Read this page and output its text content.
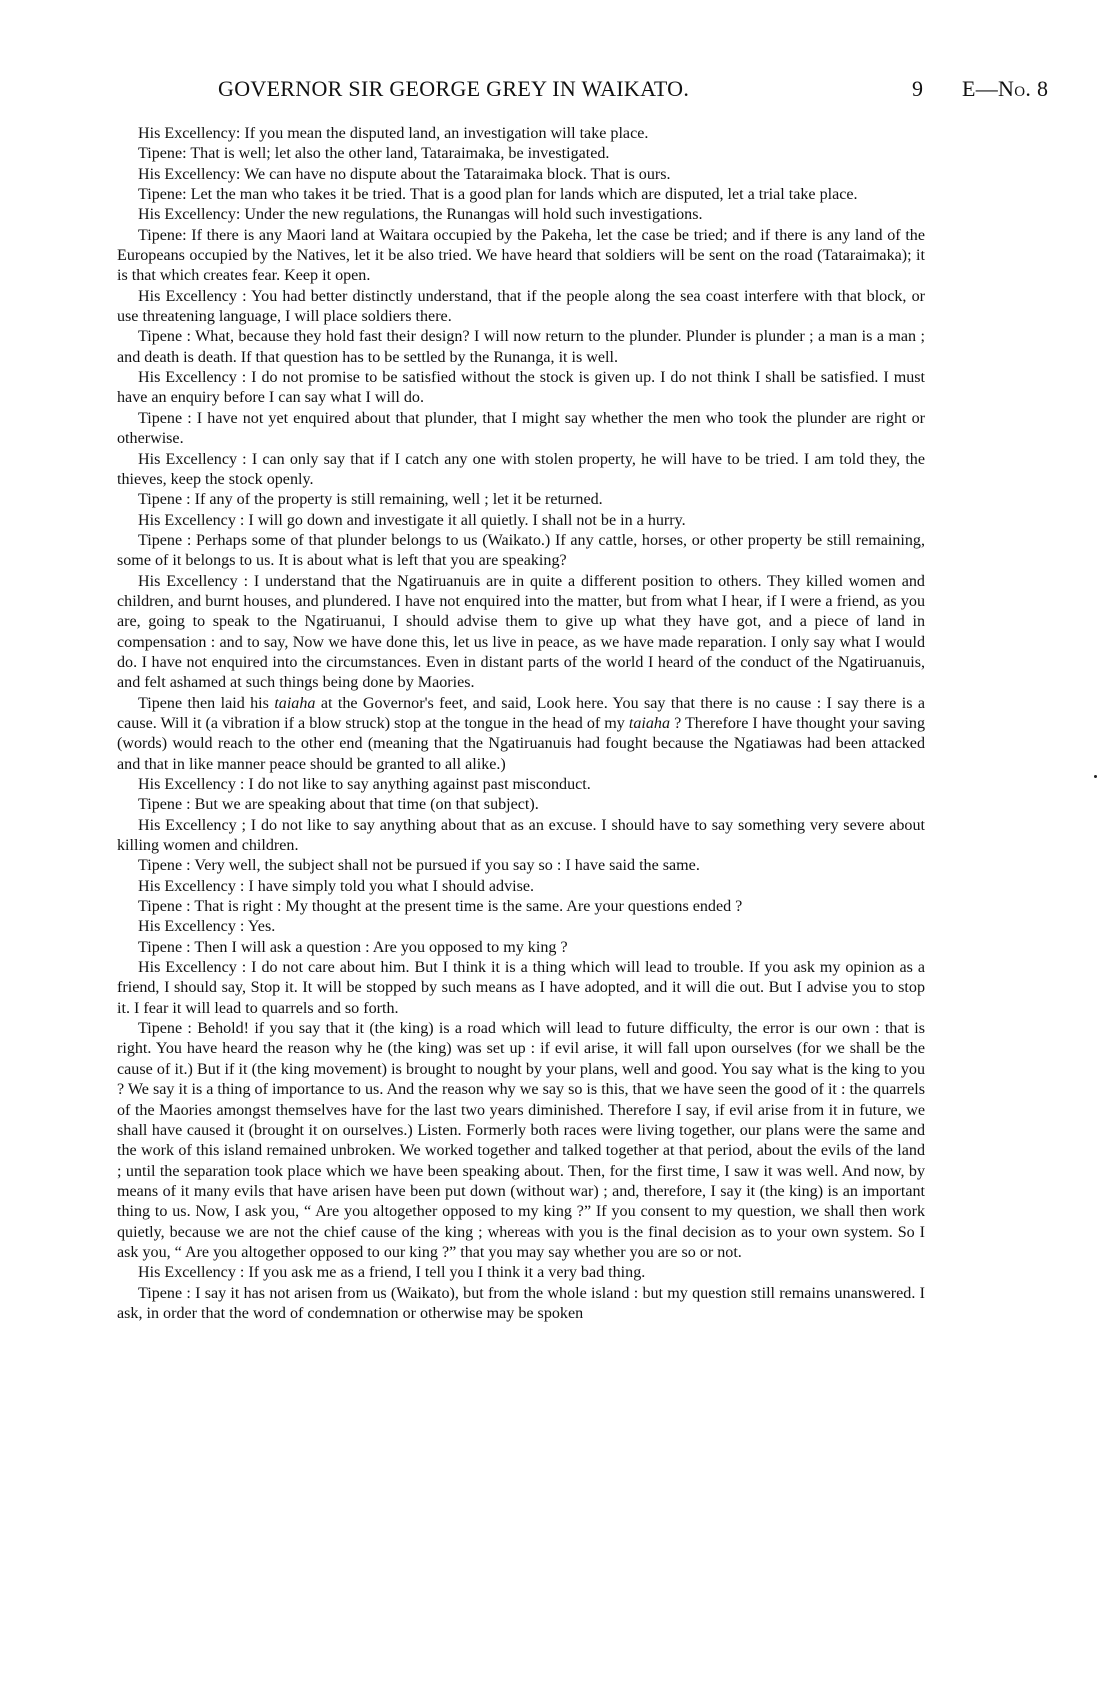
GOVERNOR SIR GEORGE GREY IN WAIKATO.	9 E—No. 8

His Excellency: If you mean the disputed land, an investigation will take place.

Tipene: That is well; let also the other land, Tataraimaka, be investigated.

His Excellency: We can have no dispute about the Tataraimaka block. That is ours.

Tipene: Let the man who takes it be tried. That is a good plan for lands which are disputed, let a trial take place.

His Excellency: Under the new regulations, the Runangas will hold such investigations.

Tipene: If there is any Maori land at Waitara occupied by the Pakeha, let the case be tried; and if there is any land of the Europeans occupied by the Natives, let it be also tried. We have heard that soldiers will be sent on the road (Tataraimaka); it is that which creates fear. Keep it open.

His Excellency : You had better distinctly understand, that if the people along the sea coast interfere with that block, or use threatening language, I will place soldiers there.

Tipene : What, because they hold fast their design? I will now return to the plunder. Plunder is plunder ; a man is a man ; and death is death. If that question has to be settled by the Runanga, it is well.

His Excellency : I do not promise to be satisfied without the stock is given up. I do not think I shall be satisfied. I must have an enquiry before I can say what I will do.

Tipene : I have not yet enquired about that plunder, that I might say whether the men who took the plunder are right or otherwise.

His Excellency : I can only say that if I catch any one with stolen property, he will have to be tried. I am told they, the thieves, keep the stock openly.

Tipene : If any of the property is still remaining, well ; let it be returned.

His Excellency : I will go down and investigate it all quietly. I shall not be in a hurry.

Tipene : Perhaps some of that plunder belongs to us (Waikato.) If any cattle, horses, or other property be still remaining, some of it belongs to us. It is about what is left that you are speaking?

His Excellency : I understand that the Ngatiruanuis are in quite a different position to others. They killed women and children, and burnt houses, and plundered. I have not enquired into the matter, but from what I hear, if I were a friend, as you are, going to speak to the Ngatiruanui, I should advise them to give up what they have got, and a piece of land in compensation : and to say, Now we have done this, let us live in peace, as we have made reparation. I only say what I would do. I have not enquired into the circumstances. Even in distant parts of the world I heard of the conduct of the Ngatiruanuis, and felt ashamed at such things being done by Maories.

Tipene then laid his taiaha at the Governor's feet, and said, Look here. You say that there is no cause : I say there is a cause. Will it (a vibration if a blow struck) stop at the tongue in the head of my taiaha ? Therefore I have thought your saving (words) would reach to the other end (meaning that the Ngatiruanuis had fought because the Ngatiawas had been attacked and that in like manner peace should be granted to all alike.)

His Excellency : I do not like to say anything against past misconduct.

Tipene : But we are speaking about that time (on that subject).

His Excellency ; I do not like to say anything about that as an excuse. I should have to say something very severe about killing women and children.

Tipene : Very well, the subject shall not be pursued if you say so : I have said the same.

His Excellency : I have simply told you what I should advise.

Tipene : That is right : My thought at the present time is the same. Are your questions ended ?

His Excellency : Yes.

Tipene : Then I will ask a question : Are you opposed to my king ?

His Excellency : I do not care about him. But I think it is a thing which will lead to trouble. If you ask my opinion as a friend, I should say, Stop it. It will be stopped by such means as I have adopted, and it will die out. But I advise you to stop it. I fear it will lead to quarrels and so forth.

Tipene : Behold! if you say that it (the king) is a road which will lead to future difficulty, the error is our own : that is right. You have heard the reason why he (the king) was set up : if evil arise, it will fall upon ourselves (for we shall be the cause of it.) But if it (the king movement) is brought to nought by your plans, well and good. You say what is the king to you ? We say it is a thing of importance to us. And the reason why we say so is this, that we have seen the good of it : the quarrels of the Maories amongst themselves have for the last two years diminished. Therefore I say, if evil arise from it in future, we shall have caused it (brought it on ourselves.) Listen. Formerly both races were living together, our plans were the same and the work of this island remained unbroken. We worked together and talked together at that period, about the evils of the land ; until the separation took place which we have been speaking about. Then, for the first time, I saw it was well. And now, by means of it many evils that have arisen have been put down (without war) ; and, therefore, I say it (the king) is an important thing to us. Now, I ask you, “ Are you altogether opposed to my king ?” If you consent to my question, we shall then work quietly, because we are not the chief cause of the king ; whereas with you is the final decision as to your own system. So I ask you, “ Are you altogether opposed to our king ?” that you may say whether you are so or not.

His Excellency : If you ask me as a friend, I tell you I think it a very bad thing.

Tipene : I say it has not arisen from us (Waikato), but from the whole island : but my question still remains unanswered. I ask, in order that the word of condemnation or otherwise may be spoken
